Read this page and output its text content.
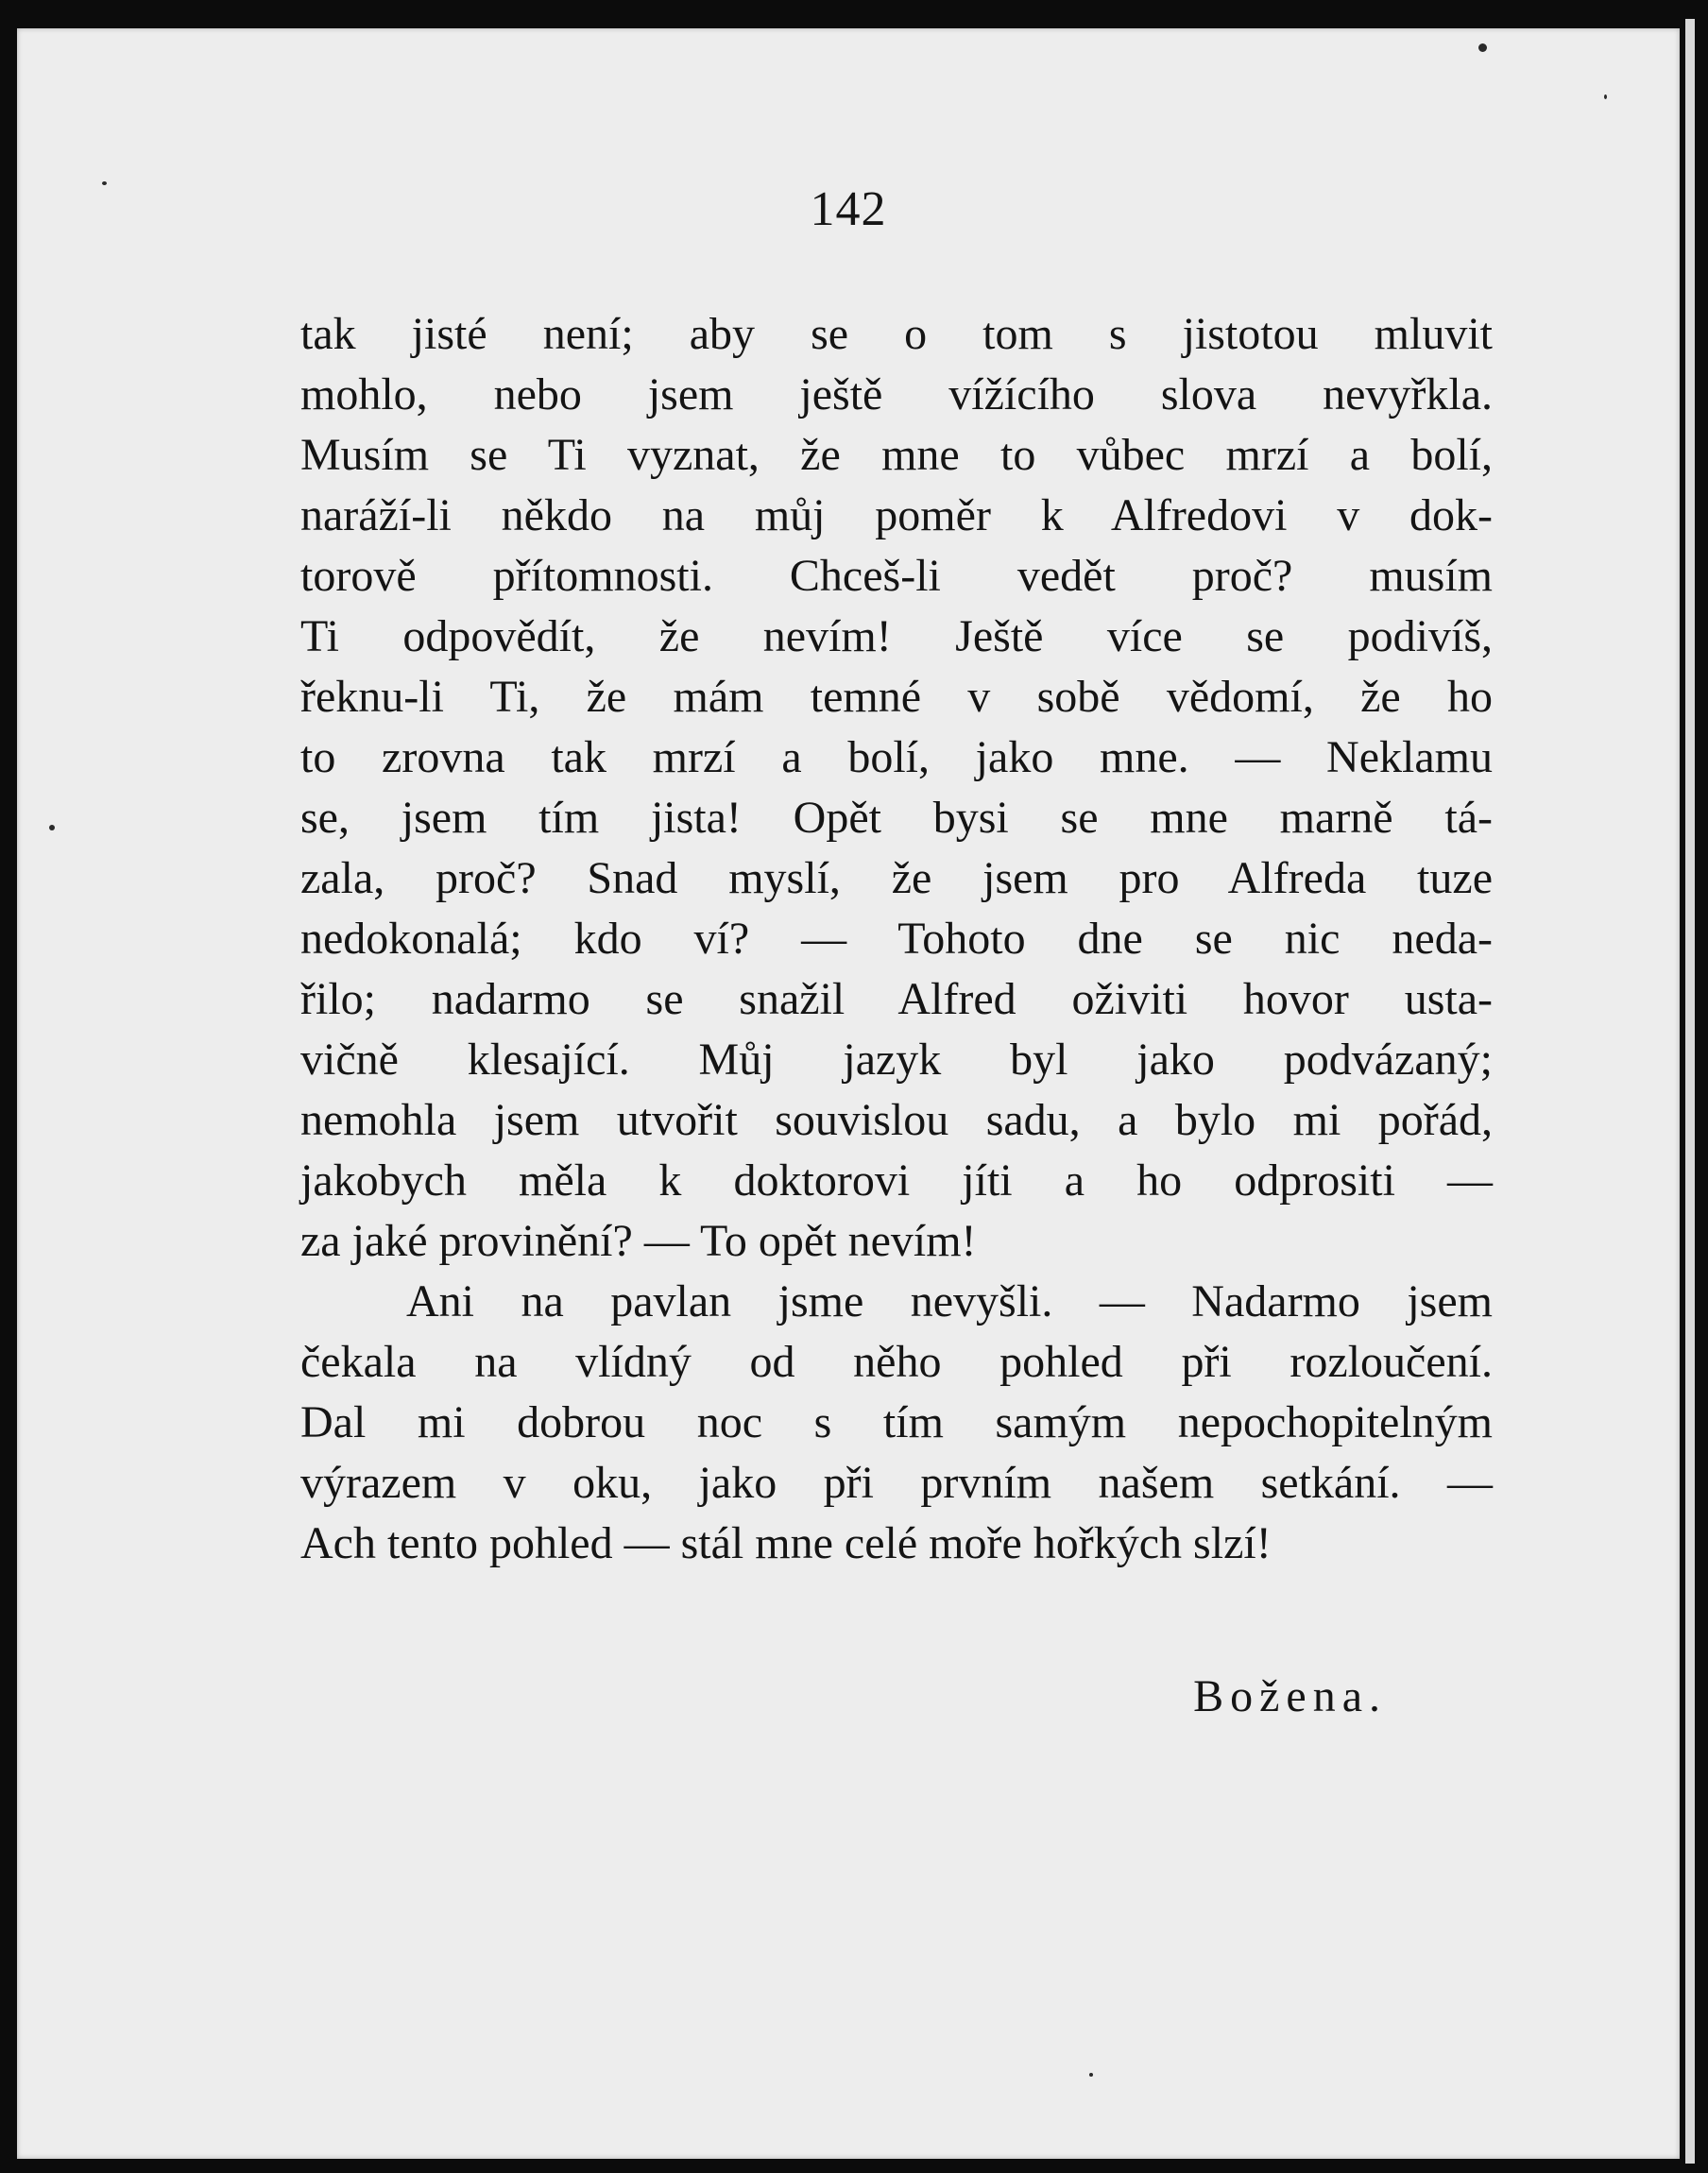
142
tak jisté není; aby se o tom s jistotou mluvit
mohlo, nebo jsem ještě vížícího slova nevyřkla.
Musím se Ti vyznat, že mne to vůbec mrzí a bolí,
naráží-li někdo na můj poměr k Alfredovi v dok-
torově přítomnosti. Chceš-li vedět proč? musím
Ti odpovědít, že nevím! Ještě více se podivíš,
řeknu-li Ti, že mám temné v sobě vědomí, že ho
to zrovna tak mrzí a bolí, jako mne. — Neklamu
se, jsem tím jista! Opět bysi se mne marně tá-
zala, proč? Snad myslí, že jsem pro Alfreda tuze
nedokonalá; kdo ví? — Tohoto dne se nic neda-
řilo; nadarmo se snažil Alfred oživiti hovor usta-
vičně klesající. Můj jazyk byl jako podvázaný;
nemohla jsem utvořit souvislou sadu, a bylo mi pořád,
jakobych měla k doktorovi jíti a ho odprositi —
za jaké provinění? — To opět nevím!
Ani na pavlan jsme nevyšli. — Nadarmo jsem
čekala na vlídný od něho pohled při rozloučení.
Dal mi dobrou noc s tím samým nepochopitelným
výrazem v oku, jako při prvním našem setkání. —
Ach tento pohled — stál mne celé moře hořkých slzí!
Božena.
